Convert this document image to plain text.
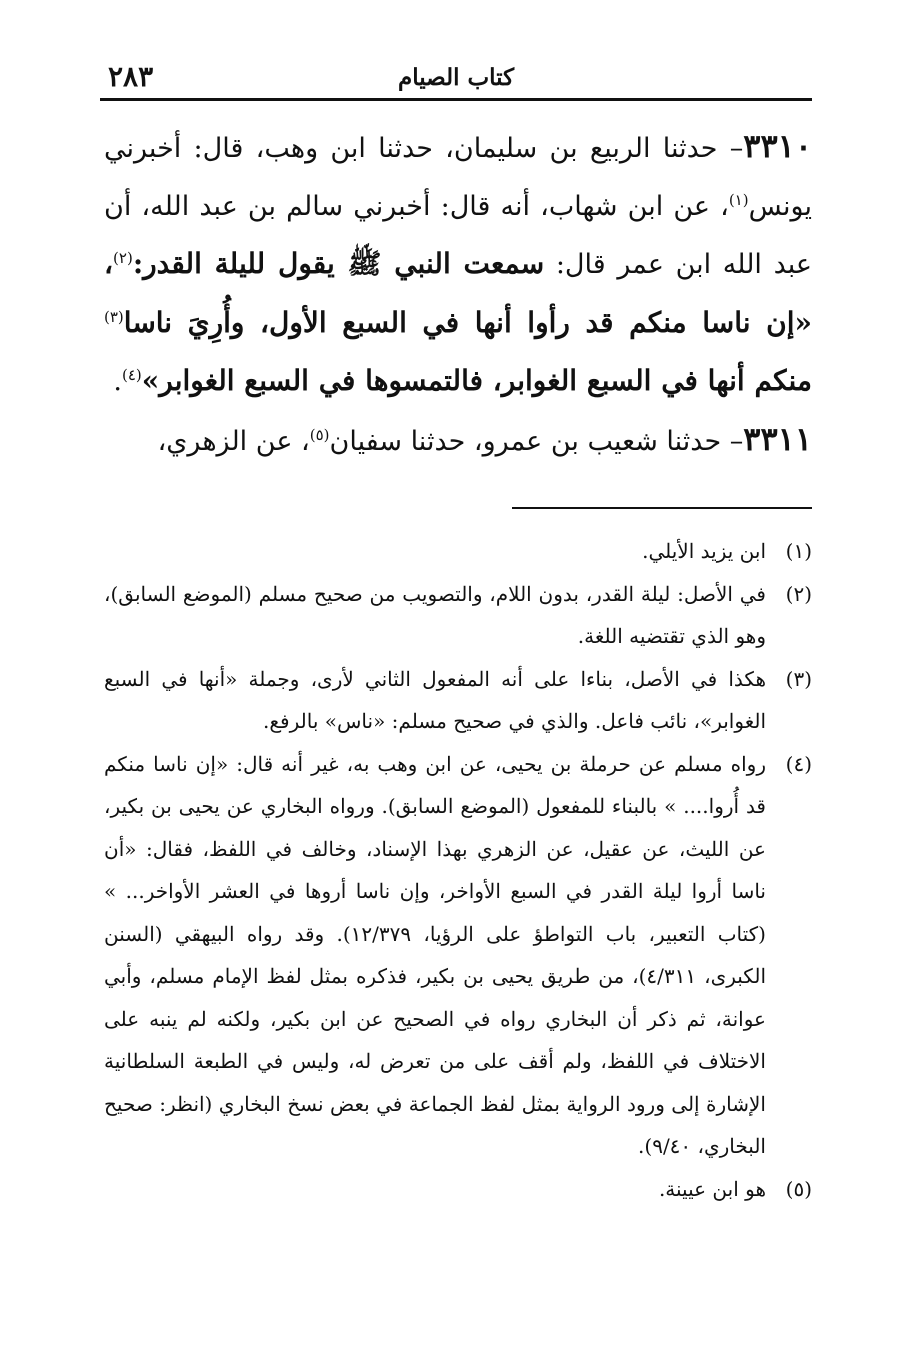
كتاب الصيام
٢٨٣
٣٣١٠– حدثنا الربيع بن سليمان، حدثنا ابن وهب، قال: أخبرني يونس$^{(١)}$، عن ابن شهاب، أنه قال: أخبرني سالم بن عبد الله، أن عبد الله ابن عمر قال: سمعت النبي ﷺ يقول لليلة القدر:$^{(٢)}$، «إن ناسا منكم قد رأوا أنها في السبع الأول، وأُرِيَ ناسا$^{(٣)}$ منكم أنها في السبع الغوابر، فالتمسوها في السبع الغوابر»$^{(٤)}$.
٣٣١١– حدثنا شعيب بن عمرو، حدثنا سفيان$^{(٥)}$، عن الزهري،
(١)
ابن يزيد الأيلي.
(٢)
في الأصل: ليلة القدر، بدون اللام، والتصويب من صحيح مسلم (الموضع السابق)، وهو الذي تقتضيه اللغة.
(٣)
هكذا في الأصل، بناءا على أنه المفعول الثاني لأرى، وجملة «أنها في السبع الغوابر»، نائب فاعل. والذي في صحيح مسلم: «ناس» بالرفع.
(٤)
رواه مسلم عن حرملة بن يحيى، عن ابن وهب به، غير أنه قال: «إن ناسا منكم قد أُروا.... » بالبناء للمفعول (الموضع السابق). ورواه البخاري عن يحيى بن بكير، عن الليث، عن عقيل، عن الزهري بهذا الإسناد، وخالف في اللفظ، فقال: «أن ناسا أروا ليلة القدر في السبع الأواخر، وإن ناسا أروها في العشر الأواخر... » (كتاب التعبير، باب التواطؤ على الرؤيا، ١٢/٣٧٩). وقد رواه البيهقي (السنن الكبرى، ٤/٣١١)، من طريق يحيى بن بكير، فذكره بمثل لفظ الإمام مسلم، وأبي عوانة، ثم ذكر أن البخاري رواه في الصحيح عن ابن بكير، ولكنه لم ينبه على الاختلاف في اللفظ، ولم أقف على من تعرض له، وليس في الطبعة السلطانية الإشارة إلى ورود الرواية بمثل لفظ الجماعة في بعض نسخ البخاري (انظر: صحيح البخاري، ٩/٤٠).
(٥)
هو ابن عيينة.
